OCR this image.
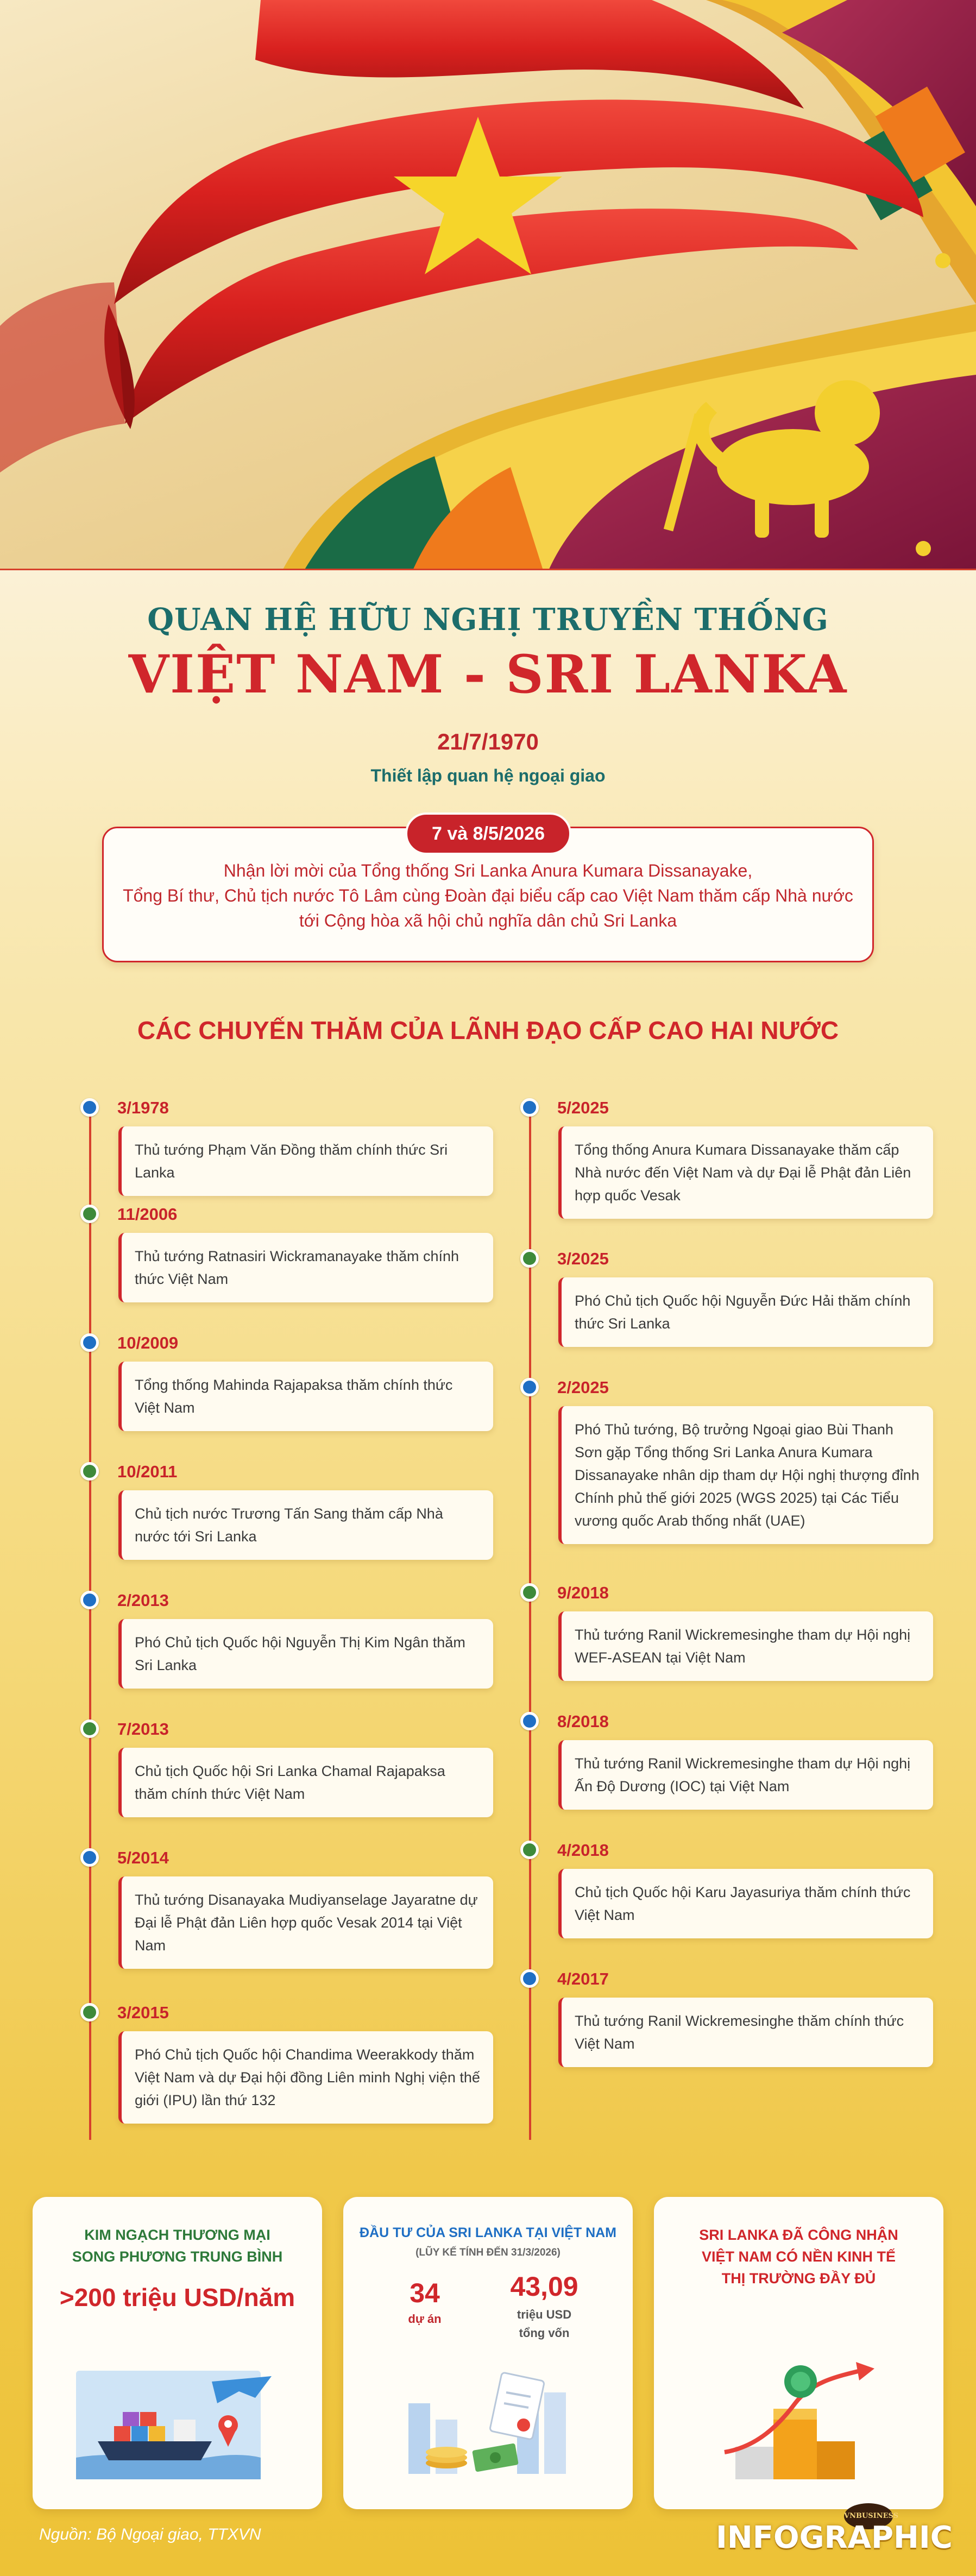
QUAN HỆ HỮU NGHỊ TRUYỀN THỐNG
VIỆT NAM - SRI LANKA
21/7/1970
Thiết lập quan hệ ngoại giao
7 và 8/5/2026
Nhận lời mời của Tổng thống Sri Lanka Anura Kumara Dissanayake,
Tổng Bí thư, Chủ tịch nước Tô Lâm cùng Đoàn đại biểu cấp cao Việt Nam thăm cấp Nhà nước
tới Cộng hòa xã hội chủ nghĩa dân chủ Sri Lanka
CÁC CHUYẾN THĂM CỦA LÃNH ĐẠO CẤP CAO HAI NƯỚC
3/1978
Thủ tướng Phạm Văn Đồng thăm chính thức Sri Lanka
11/2006
Thủ tướng Ratnasiri Wickramanayake thăm chính thức Việt Nam
10/2009
Tổng thống Mahinda Rajapaksa thăm chính thức Việt Nam
10/2011
Chủ tịch nước Trương Tấn Sang thăm cấp Nhà nước tới Sri Lanka
2/2013
Phó Chủ tịch Quốc hội Nguyễn Thị Kim Ngân thăm Sri Lanka
7/2013
Chủ tịch Quốc hội Sri Lanka Chamal Rajapaksa thăm chính thức Việt Nam
5/2014
Thủ tướng Disanayaka Mudiyanselage Jayaratne dự Đại lễ Phật đản Liên hợp quốc Vesak 2014 tại Việt Nam
3/2015
Phó Chủ tịch Quốc hội Chandima Weerakkody thăm Việt Nam và dự Đại hội đồng Liên minh Nghị viện thế giới (IPU) lần thứ 132
5/2025
Tổng thống Anura Kumara Dissanayake thăm cấp Nhà nước đến Việt Nam và dự Đại lễ Phật đản Liên hợp quốc Vesak
3/2025
Phó Chủ tịch Quốc hội Nguyễn Đức Hải thăm chính thức Sri Lanka
2/2025
Phó Thủ tướng, Bộ trưởng Ngoại giao Bùi Thanh Sơn gặp Tổng thống Sri Lanka Anura Kumara Dissanayake nhân dịp tham dự Hội nghị thượng đỉnh Chính phủ thế giới 2025 (WGS 2025) tại Các Tiểu vương quốc Arab thống nhất (UAE)
9/2018
Thủ tướng Ranil Wickremesinghe tham dự Hội nghị WEF-ASEAN tại Việt Nam
8/2018
Thủ tướng Ranil Wickremesinghe tham dự Hội nghị Ấn Độ Dương (IOC) tại Việt Nam
4/2018
Chủ tịch Quốc hội Karu Jayasuriya thăm chính thức Việt Nam
4/2017
Thủ tướng Ranil Wickremesinghe thăm chính thức Việt Nam
KIM NGẠCH THƯƠNG MẠI
SONG PHƯƠNG TRUNG BÌNH
>200 triệu USD/năm
ĐẦU TƯ CỦA SRI LANKA TẠI VIỆT NAM
(LŨY KẾ TÍNH ĐẾN 31/3/2026)
34
dự án
43,09
triệu USD
tổng vốn
SRI LANKA ĐÃ CÔNG NHẬN
VIỆT NAM CÓ NỀN KINH TẾ
THỊ TRƯỜNG ĐẦY ĐỦ
Nguồn: Bộ Ngoại giao, TTXVN
VNBUSINESS
INFOGRAPHIC
